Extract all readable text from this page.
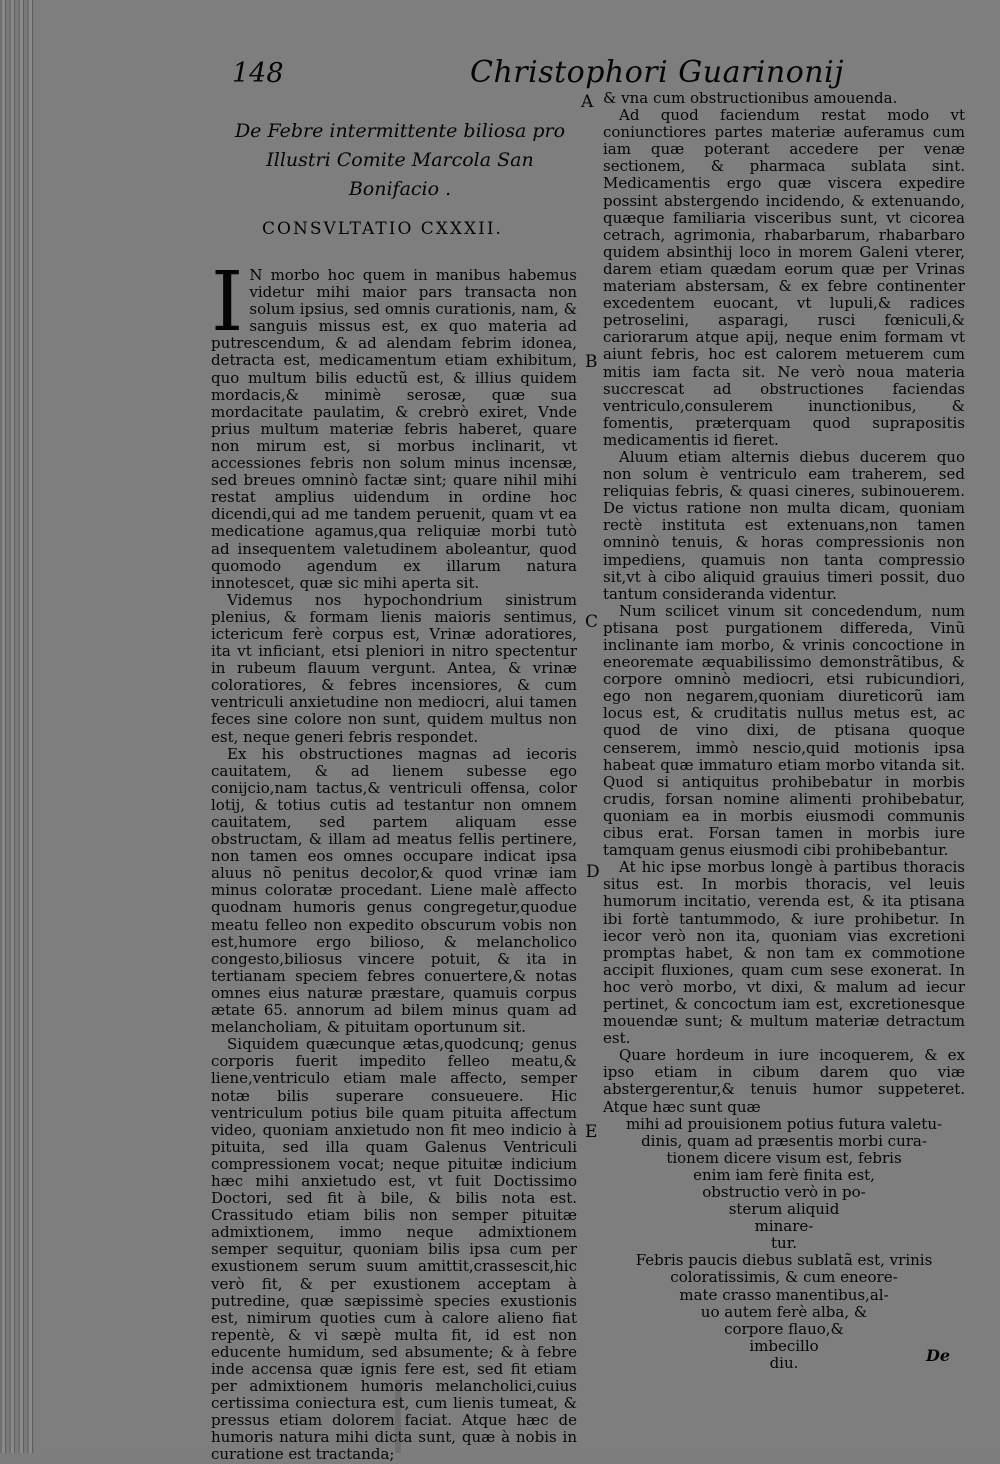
148	Christophori Guarinonij
A
B
C
D
E
De Febre intermittente biliosa pro
Illustri Comite Marcola San
Bonifacio .
CONSVLTATIO CXXXII.

I N morbo hoc quem in manibus habemus videtur mihi maior pars transacta non solum ipsius, sed omnis curationis, nam, & sanguis missus est, ex quo materia ad putrescendum, & ad alendam febrim idonea, detracta est, medicamentum etiam exhibitum, quo multum bilis eductũ est, & illius quidem mordacis,& minimè serosæ, quæ sua mordacitate paulatim, & crebrò exiret, Vnde prius multum materiæ febris haberet, quare non mirum est, si morbus inclinarit, vt accessiones febris non solum minus incensæ, sed breues omninò factæ sint; quare nihil mihi restat amplius uidendum in ordine hoc dicendi,qui ad me tandem peruenit, quam vt ea medicatione agamus,qua reliquiæ morbi tutò ad insequentem valetudinem aboleantur, quod quomodo agendum ex illarum natura innotescet, quæ sic mihi aperta sit.

Videmus nos hypochondrium sinistrum plenius, & formam lienis maioris sentimus, ictericum ferè corpus est, Vrinæ adoratiores, ita vt inficiant, etsi pleniori in nitro spectentur in rubeum flauum vergunt. Antea, & vrinæ coloratiores, & febres incensiores, & cum ventriculi anxietudine non mediocri, alui tamen feces sine colore non sunt, quidem multus non est, neque generi febris respondet.

Ex his obstructiones magnas ad iecoris cauitatem, & ad lienem subesse ego conijcio,nam tactus,& ventriculi offensa, color lotij, & totius cutis ad testantur non omnem cauitatem, sed partem aliquam esse obstructam, & illam ad meatus fellis pertinere, non tamen eos omnes occupare indicat ipsa aluus nõ penitus decolor,& quod vrinæ iam minus coloratæ procedant. Liene malè affecto quodnam humoris genus congregetur,quodue meatu felleo non expedito obscurum vobis non est,humore ergo bilioso, & melancholico congesto,biliosus vincere potuit, & ita in tertianam speciem febres conuertere,& notas omnes eius naturæ præstare, quamuis corpus ætate 65. annorum ad bilem minus quam ad melancholiam, & pituitam oportunum sit.

Siquidem quæcunque ætas,quodcunq; genus corporis fuerit impedito felleo meatu,& liene,ventriculo etiam male affecto, semper notæ bilis superare consueuere. Hic ventriculum potius bile quam pituita affectum video, quoniam anxietudo non fit meo indicio à pituita, sed illa quam Galenus Ventriculi compressionem vocat; neque pituitæ indicium hæc mihi anxietudo est, vt fuit Doctissimo Doctori, sed fit à bile, & bilis nota est. Crassitudo etiam bilis non semper pituitæ admixtionem, immo neque admixtionem semper sequitur, quoniam bilis ipsa cum per exustionem serum suum amittit,crassescit,hic verò fit, & per exustionem acceptam à putredine, quæ sæpissimè species exustionis est, nimirum quoties cum à calore alieno fiat repentè, & vi sæpè multa fit, id est non educente humidum, sed absumente; & à febre inde accensa quæ ignis fere est, sed fit etiam per admixtionem humoris melancholici,cuius certissima coniectura est, cum lienis tumeat, & pressus etiam dolorem faciat. Atque hæc de humoris natura mihi dicta sunt, quæ à nobis in curatione est tractanda;

& vna cum obstructionibus amouenda.

Ad quod faciendum restat modo vt coniunctiores partes materiæ auferamus cum iam quæ poterant accedere per venæ sectionem, & pharmaca sublata sint. Medicamentis ergo quæ viscera expedire possint abstergendo incidendo, & extenuando, quæque familiaria visceribus sunt, vt cicorea cetrach, agrimonia, rhabarbarum, rhabarbaro quidem absinthij loco in morem Galeni vterer, darem etiam quædam eorum quæ per Vrinas materiam abstersam, & ex febre continenter excedentem euocant, vt lupuli,& radices petroselini, asparagi, rusci fœniculi,& cariorarum atque apij, neque enim formam vt aiunt febris, hoc est calorem metuerem cum mitis iam facta sit. Ne verò noua materia succrescat ad obstructiones faciendas ventriculo,consulerem inunctionibus, & fomentis, præterquam quod suprapositis medicamentis id fieret.

Aluum etiam alternis diebus ducerem quo non solum è ventriculo eam traherem, sed reliquias febris, & quasi cineres, subinouerem. De victus ratione non multa dicam, quoniam rectè instituta est extenuans,non tamen omninò tenuis, & horas compressionis non impediens, quamuis non tanta compressio sit,vt à cibo aliquid grauius timeri possit, duo tantum consideranda videntur.

Num scilicet vinum sit concedendum, num ptisana post purgationem differeda, Vinũ inclinante iam morbo, & vrinis concoctione in eneoremate æquabilissimo demonstrãtibus, & corpore omninò mediocri, etsi rubicundiori, ego non negarem,quoniam diureticorũ iam locus est, & cruditatis nullus metus est, ac quod de vino dixi, de ptisana quoque censerem, immò nescio,quid motionis ipsa habeat quæ immaturo etiam morbo vitanda sit. Quod si antiquitus prohibebatur in morbis crudis, forsan nomine alimenti prohibebatur, quoniam ea in morbis eiusmodi communis cibus erat. Forsan tamen in morbis iure tamquam genus eiusmodi cibi prohibebantur.

At hic ipse morbus longè à partibus thoracis situs est. In morbis thoracis, vel leuis humorum incitatio, verenda est, & ita ptisana ibi fortè tantummodo, & iure prohibetur. In iecor verò non ita, quoniam vias excretioni promptas habet, & non tam ex commotione accipit fluxiones, quam cum sese exonerat. In hoc verò morbo, vt dixi, & malum ad iecur pertinet, & concoctum iam est, excretionesque mouendæ sunt; & multum materiæ detractum est.

Quare hordeum in iure incoquerem, & ex ipso etiam in cibum darem quo viæ abstergerentur,& tenuis humor suppeteret. Atque hæc sunt quæ

mihi ad prouisionem potius futura valetu-
dinis, quam ad præsentis morbi cura-
tionem dicere visum est, febris
enim iam ferè finita est,
obstructio verò in po-
sterum aliquid
minare-
tur.
Febris paucis diebus sublatã est, vrinis
coloratissimis, & cum eneore-
mate crasso manentibus,al-
uo autem ferè alba, &
corpore flauo,&
imbecillo
diu.	De
